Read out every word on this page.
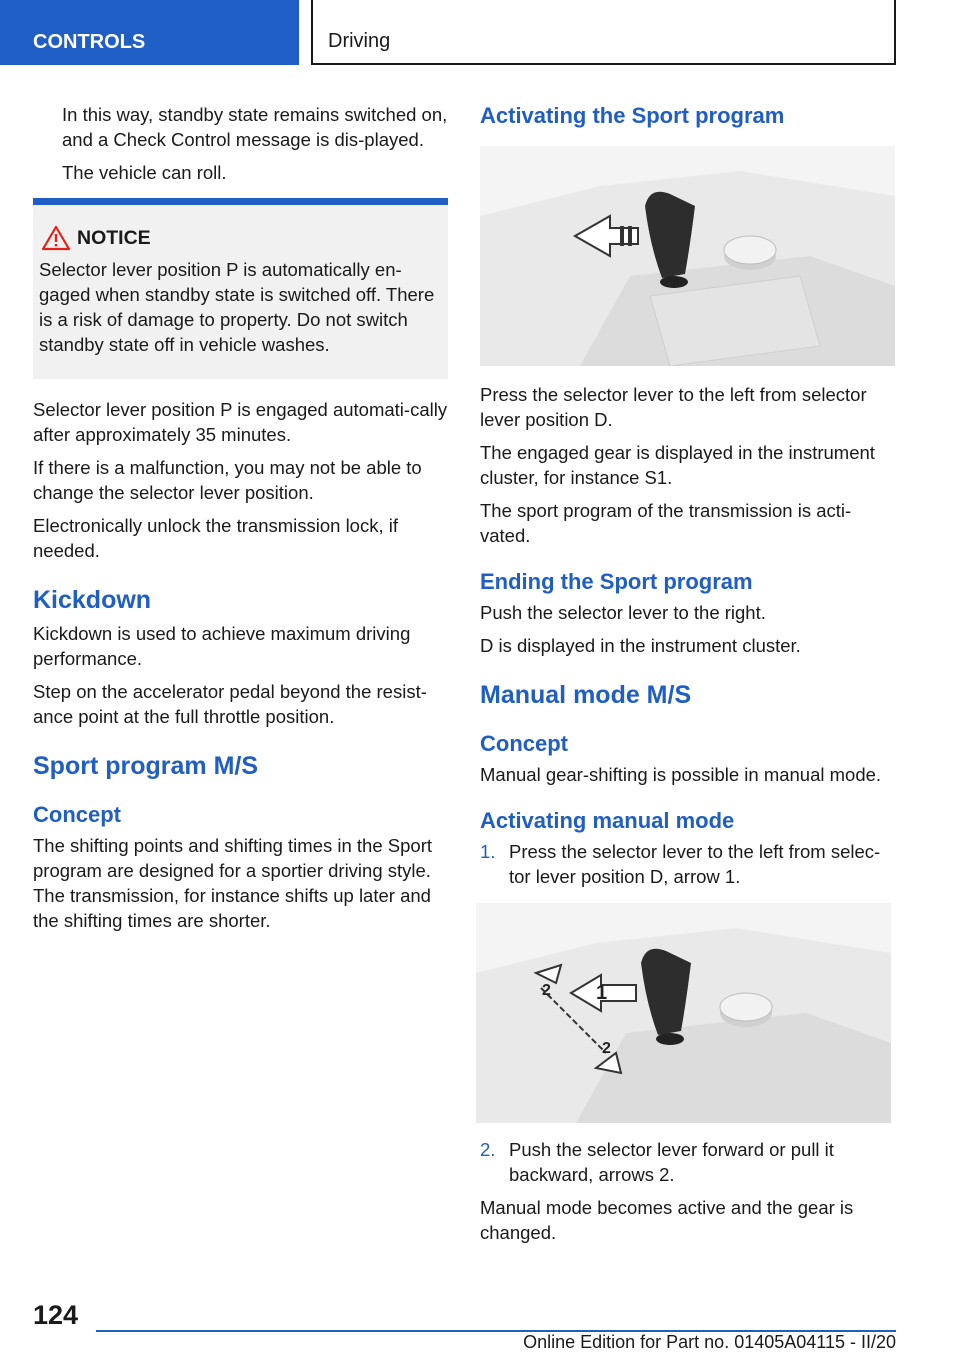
CONTROLS	Driving

In this way, standby state remains switched on, and a Check Control message is dis‐played.

The vehicle can roll.

NOTICE

Selector lever position P is automatically en‐gaged when standby state is switched off. There is a risk of damage to property. Do not switch standby state off in vehicle washes.

Selector lever position P is engaged automati‐cally after approximately 35 minutes.

If there is a malfunction, you may not be able to change the selector lever position.

Electronically unlock the transmission lock, if needed.

Kickdown

Kickdown is used to achieve maximum driving performance.

Step on the accelerator pedal beyond the resist‐ance point at the full throttle position.

Sport program M/S
Concept

The shifting points and shifting times in the Sport program are designed for a sportier driving style. The transmission, for instance shifts up later and the shifting times are shorter.

Activating the Sport program

Press the selector lever to the left from selector lever position D.

The engaged gear is displayed in the instrument cluster, for instance S1.

The sport program of the transmission is acti‐vated.

Ending the Sport program

Push the selector lever to the right.

D is displayed in the instrument cluster.

Manual mode M/S
Concept

Manual gear-shifting is possible in manual mode.

Activating manual mode
1. Press the selector lever to the left from selec‐tor lever position D, arrow 1.
1
2
2
2. Push the selector lever forward or pull it backward, arrows 2.

Manual mode becomes active and the gear is changed.

124
Online Edition for Part no. 01405A04115 - II/20
